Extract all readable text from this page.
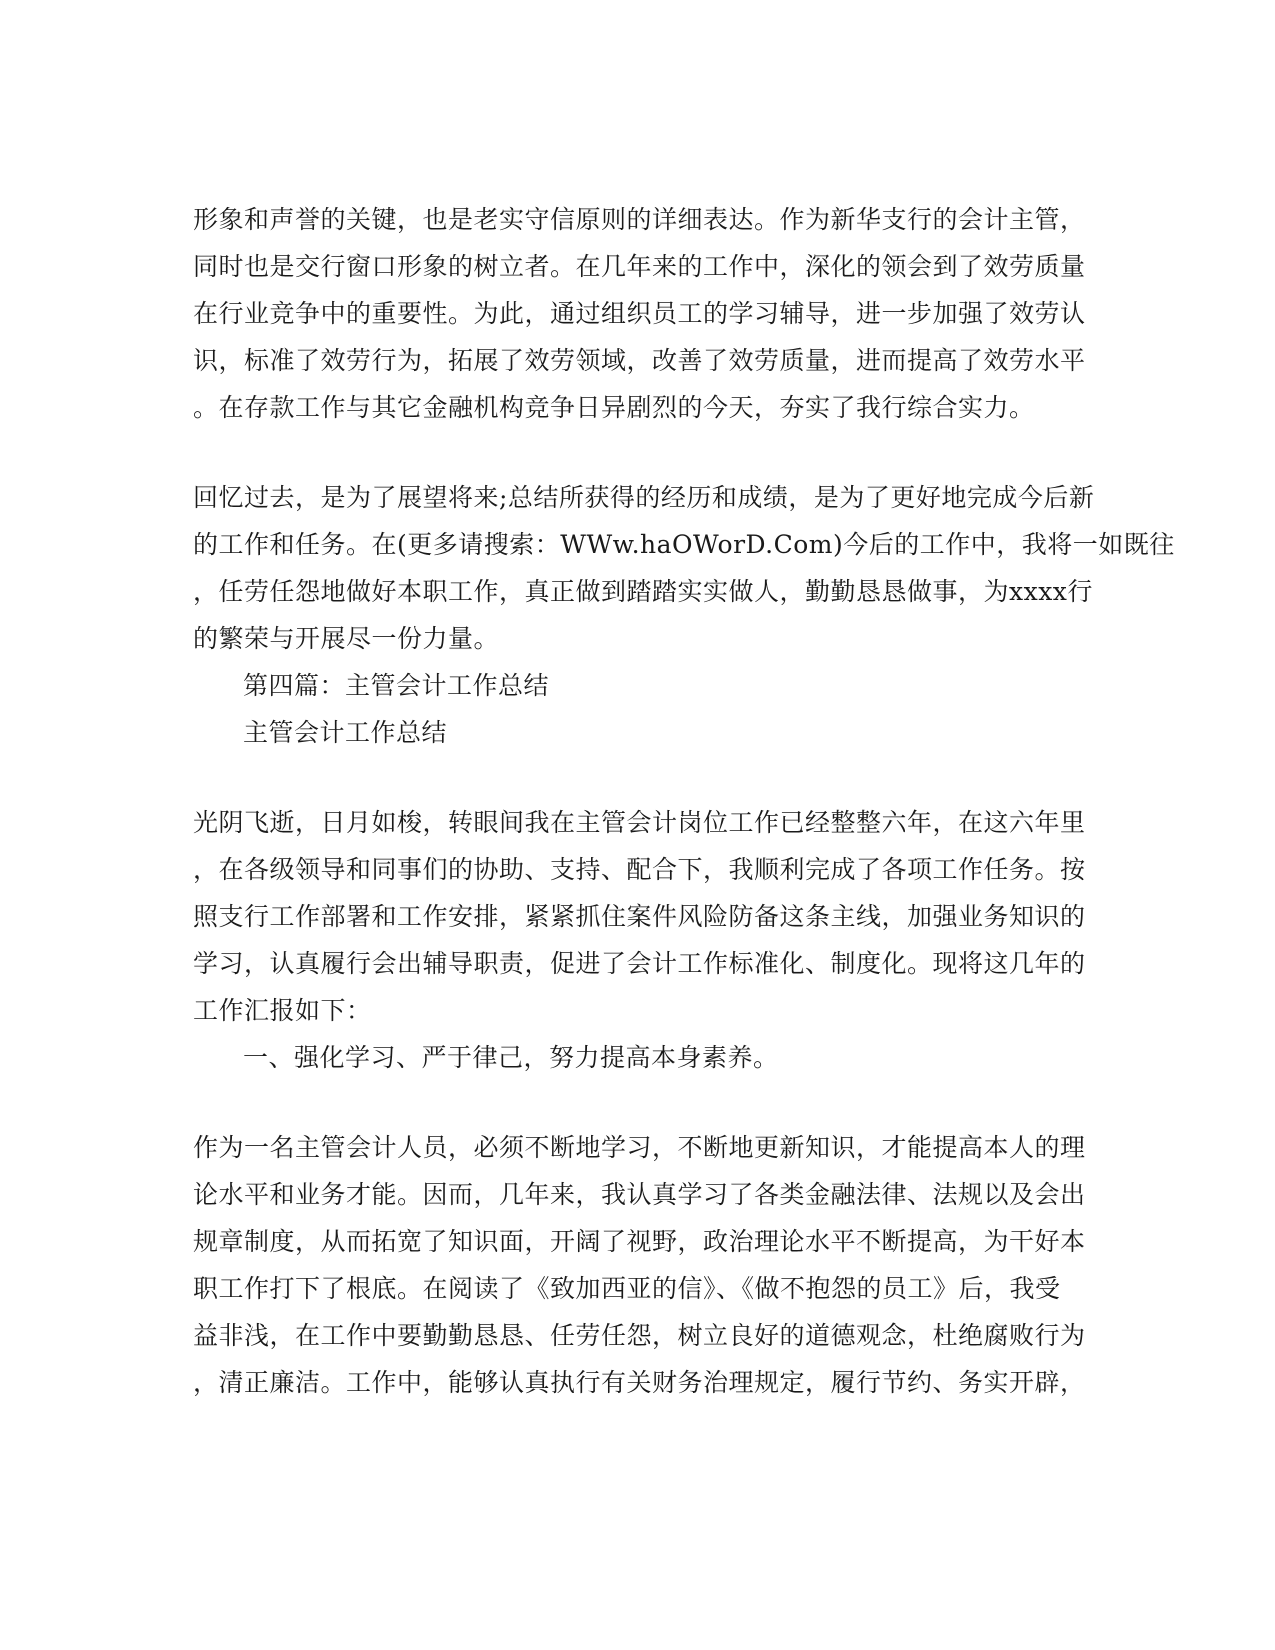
形象和声誉的关键，也是老实守信原则的详细表达。作为新华支行的会计主管，
同时也是交行窗口形象的树立者。在几年来的工作中，深化的领会到了效劳质量
在行业竞争中的重要性。为此，通过组织员工的学习辅导，进一步加强了效劳认
识，标准了效劳行为，拓展了效劳领域，改善了效劳质量，进而提高了效劳水平
。在存款工作与其它金融机构竞争日异剧烈的今天，夯实了我行综合实力。
回忆过去，是为了展望将来;总结所获得的经历和成绩，是为了更好地完成今后新
的工作和任务。在(更多请搜索：WWw.haOWorD.Com)今后的工作中，我将一如既往
，任劳任怨地做好本职工作，真正做到踏踏实实做人，勤勤恳恳做事，为xxxx行
的繁荣与开展尽一份力量。
第四篇：主管会计工作总结
主管会计工作总结
光阴飞逝，日月如梭，转眼间我在主管会计岗位工作已经整整六年，在这六年里
，在各级领导和同事们的协助、支持、配合下，我顺利完成了各项工作任务。按
照支行工作部署和工作安排，紧紧抓住案件风险防备这条主线，加强业务知识的
学习，认真履行会出辅导职责，促进了会计工作标准化、制度化。现将这几年的
工作汇报如下：
一、强化学习、严于律己，努力提高本身素养。
作为一名主管会计人员，必须不断地学习，不断地更新知识，才能提高本人的理
论水平和业务才能。因而，几年来，我认真学习了各类金融法律、法规以及会出
规章制度，从而拓宽了知识面，开阔了视野，政治理论水平不断提高，为干好本
职工作打下了根底。在阅读了《致加西亚的信》、《做不抱怨的员工》后，我受
益非浅，在工作中要勤勤恳恳、任劳任怨，树立良好的道德观念，杜绝腐败行为
，清正廉洁。工作中，能够认真执行有关财务治理规定，履行节约、务实开辟，
